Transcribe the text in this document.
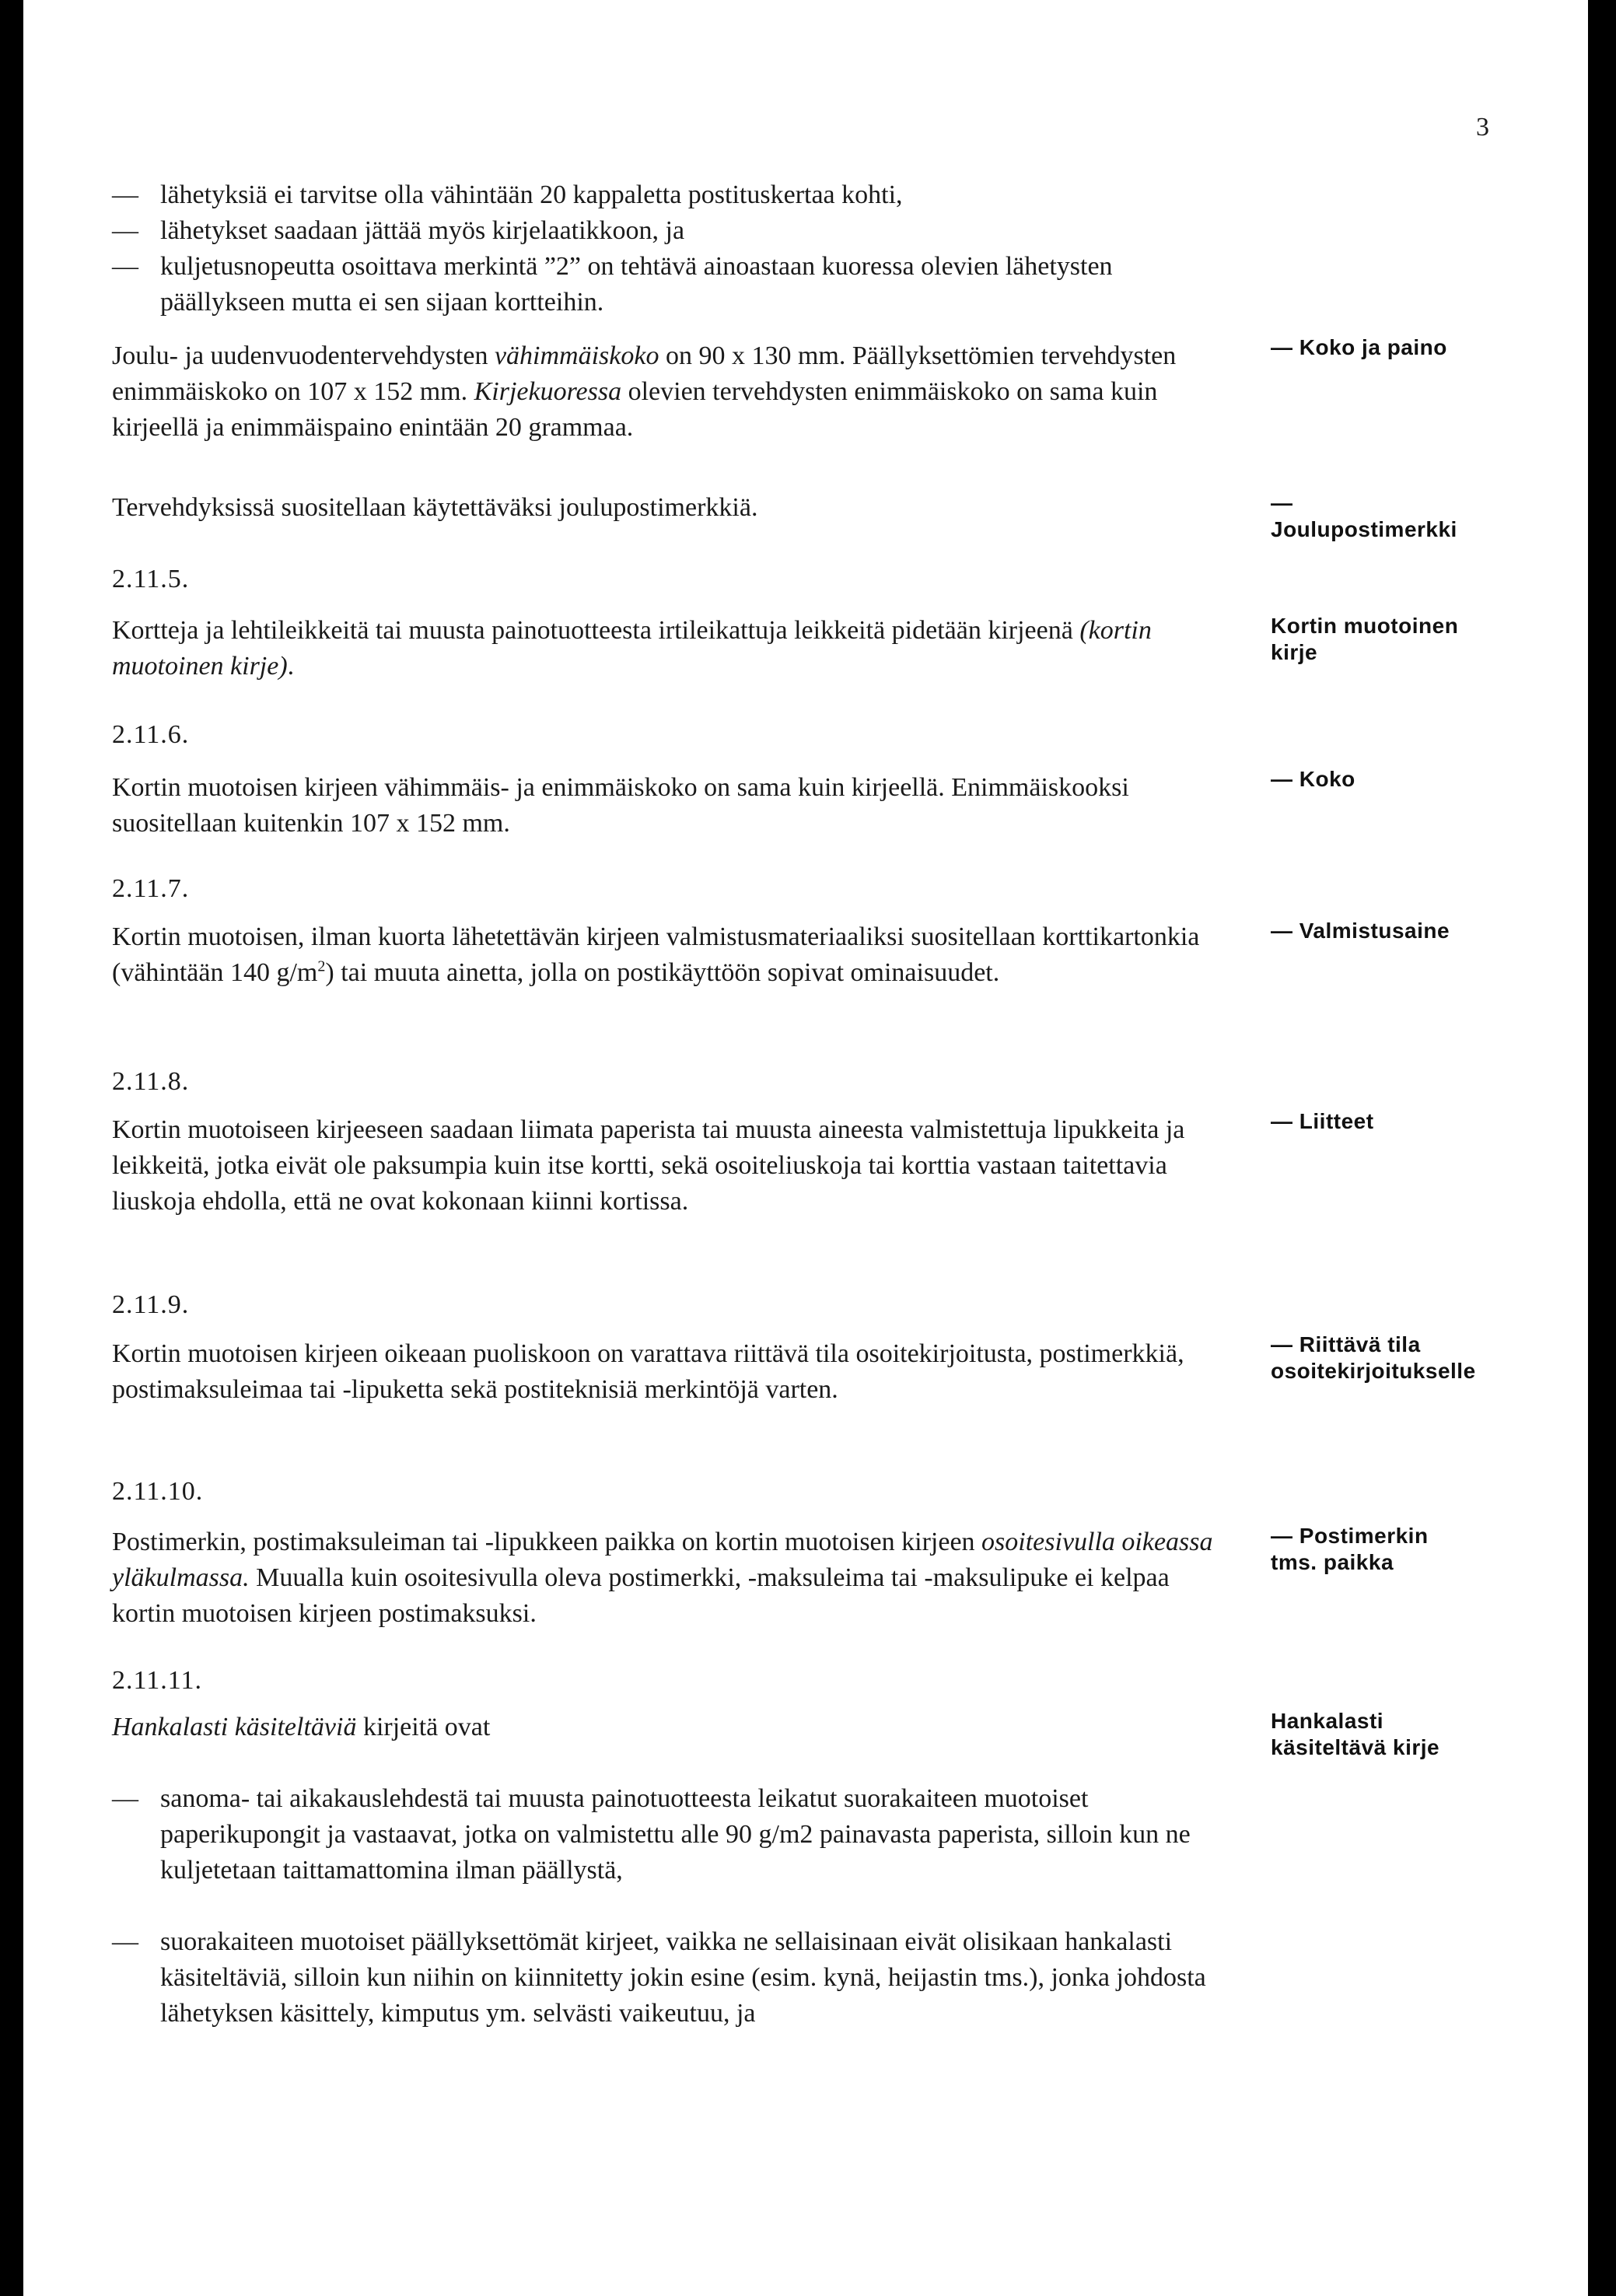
3
— lähetyksiä ei tarvitse olla vähintään 20 kappaletta postituskertaa kohti,
— lähetykset saadaan jättää myös kirjelaatikkoon, ja
— kuljetusnopeutta osoittava merkintä ”2” on tehtävä ainoastaan kuoressa olevien lähetysten päällykseen mutta ei sen sijaan kortteihin.
Joulu- ja uudenvuodentervehdysten vähimmäiskoko on 90 x 130 mm. Päällyksettömien tervehdysten enimmäiskoko on 107 x 152 mm. Kirjekuoressa olevien tervehdysten enimmäiskoko on sama kuin kirjeellä ja enimmäispaino enintään 20 grammaa.
— Koko ja paino
Tervehdyksissä suositellaan käytettäväksi joulupostimerkkiä.	— Joulupostimerkki
2.11.5.
Kortteja ja lehtileikkeitä tai muusta painotuotteesta irtileikattuja leikkeitä pidetään kirjeenä (kortin muotoinen kirje).
Kortin muotoinen kirje
2.11.6.
Kortin muotoisen kirjeen vähimmäis- ja enimmäiskoko on sama kuin kirjeellä. Enimmäiskooksi suositellaan kuitenkin 107 x 152 mm.
— Koko
2.11.7.
Kortin muotoisen, ilman kuorta lähetettävän kirjeen valmistusmateriaaliksi suositellaan korttikartonkia (vähintään 140 $g/m^2$) tai muuta ainetta, jolla on postikäyttöön sopivat ominaisuudet.
— Valmistusaine
2.11.8.
Kortin muotoiseen kirjeeseen saadaan liimata paperista tai muusta aineesta valmistettuja lipukkeita ja leikkeitä, jotka eivät ole paksumpia kuin itse kortti, sekä osoiteliuskoja tai korttia vastaan taitettavia liuskoja ehdolla, että ne ovat kokonaan kiinni kortissa.
— Liitteet
2.11.9.
Kortin muotoisen kirjeen oikeaan puoliskoon on varattava riittävä tila osoitekirjoitusta, postimerkkiä, postimaksuleimaa tai -lipuketta sekä postiteknisiä merkintöjä varten.
— Riittävä tila osoitekirjoitukselle
2.11.10.
Postimerkin, postimaksuleiman tai -lipukkeen paikka on kortin muotoisen kirjeen osoitesivulla oikeassa yläkulmassa. Muualla kuin osoitesivulla oleva postimerkki, -maksuleima tai -maksulipuke ei kelpaa kortin muotoisen kirjeen postimaksuksi.
— Postimerkin tms. paikka
2.11.11.
Hankalasti käsiteltäviä kirjeitä ovat	Hankalasti käsiteltävä kirje
— sanoma- tai aikakauslehdestä tai muusta painotuotteesta leikatut suorakaiteen muotoiset paperikupongit ja vastaavat, jotka on valmistettu alle 90 g/m2 painavasta paperista, silloin kun ne kuljetetaan taittamattomina ilman päällystä,
— suorakaiteen muotoiset päällyksettömät kirjeet, vaikka ne sellaisinaan eivät olisikaan hankalasti käsiteltäviä, silloin kun niihin on kiinnitetty jokin esine (esim. kynä, heijastin tms.), jonka johdosta lähetyksen käsittely, kimputus ym. selvästi vaikeutuu, ja
